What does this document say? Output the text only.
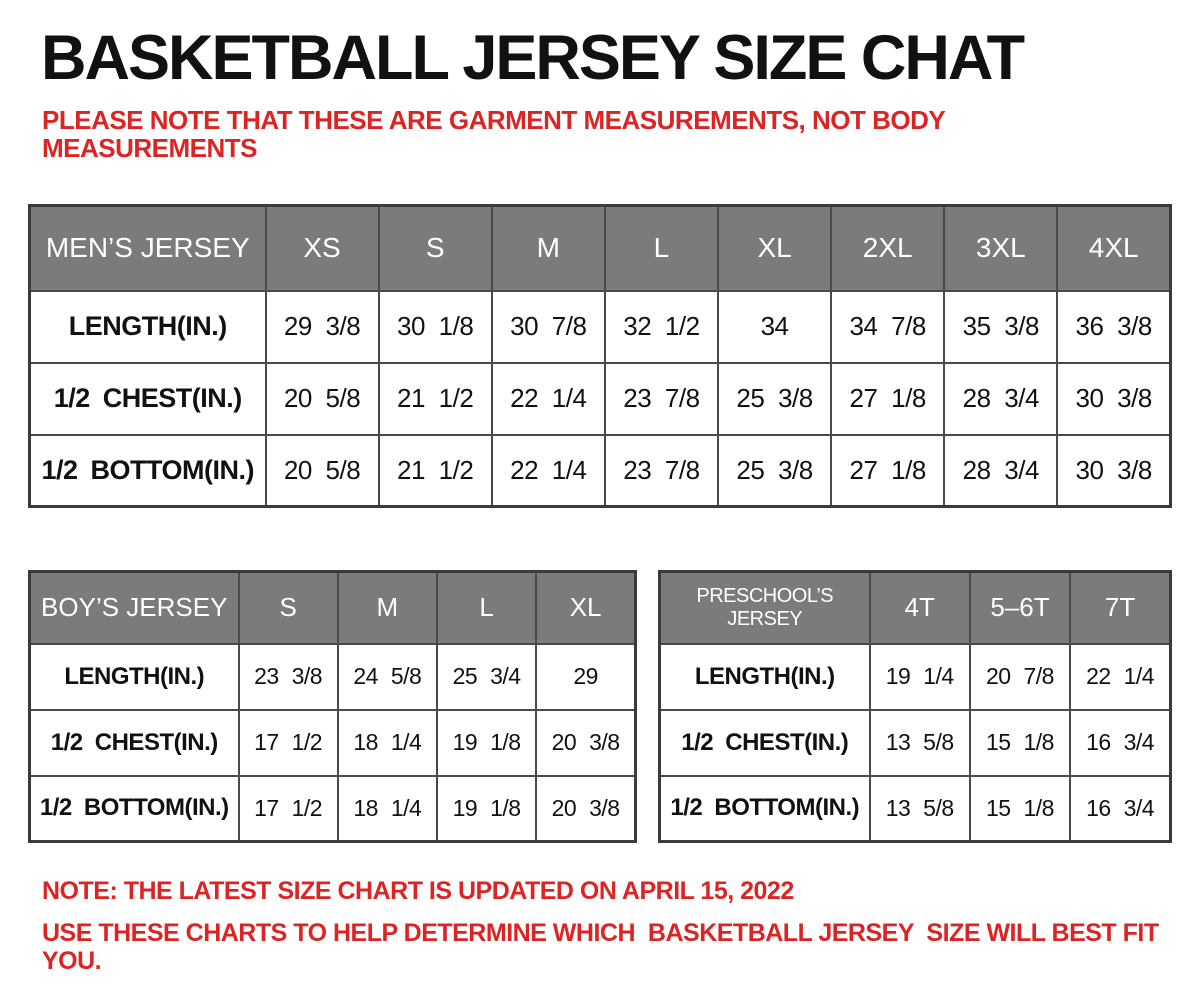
BASKETBALL JERSEY SIZE CHAT

PLEASE NOTE THAT THESE ARE GARMENT MEASUREMENTS, NOT BODY MEASUREMENTS

MEN’S JERSEY	XS	S	M	L	XL	2XL	3XL	4XL
LENGTH(IN.)	29 3/8	30 1/8	30 7/8	32 1/2	34	34 7/8	35 3/8	36 3/8
1/2 CHEST(IN.)	20 5/8	21 1/2	22 1/4	23 7/8	25 3/8	27 1/8	28 3/4	30 3/8
1/2 BOTTOM(IN.)	20 5/8	21 1/2	22 1/4	23 7/8	25 3/8	27 1/8	28 3/4	30 3/8
BOY’S JERSEY	S	M	L	XL
LENGTH(IN.)	23 3/8	24 5/8	25 3/4	29
1/2 CHEST(IN.)	17 1/2	18 1/4	19 1/8	20 3/8
1/2 BOTTOM(IN.)	17 1/2	18 1/4	19 1/8	20 3/8
PRESCHOOL’S JERSEY	4T	5–6T	7T
LENGTH(IN.)	19 1/4	20 7/8	22 1/4
1/2 CHEST(IN.)	13 5/8	15 1/8	16 3/4
1/2 BOTTOM(IN.)	13 5/8	15 1/8	16 3/4

NOTE: THE LATEST SIZE CHART IS UPDATED ON APRIL 15, 2022

USE THESE CHARTS TO HELP DETERMINE WHICH  BASKETBALL JERSEY  SIZE WILL BEST FIT YOU.
